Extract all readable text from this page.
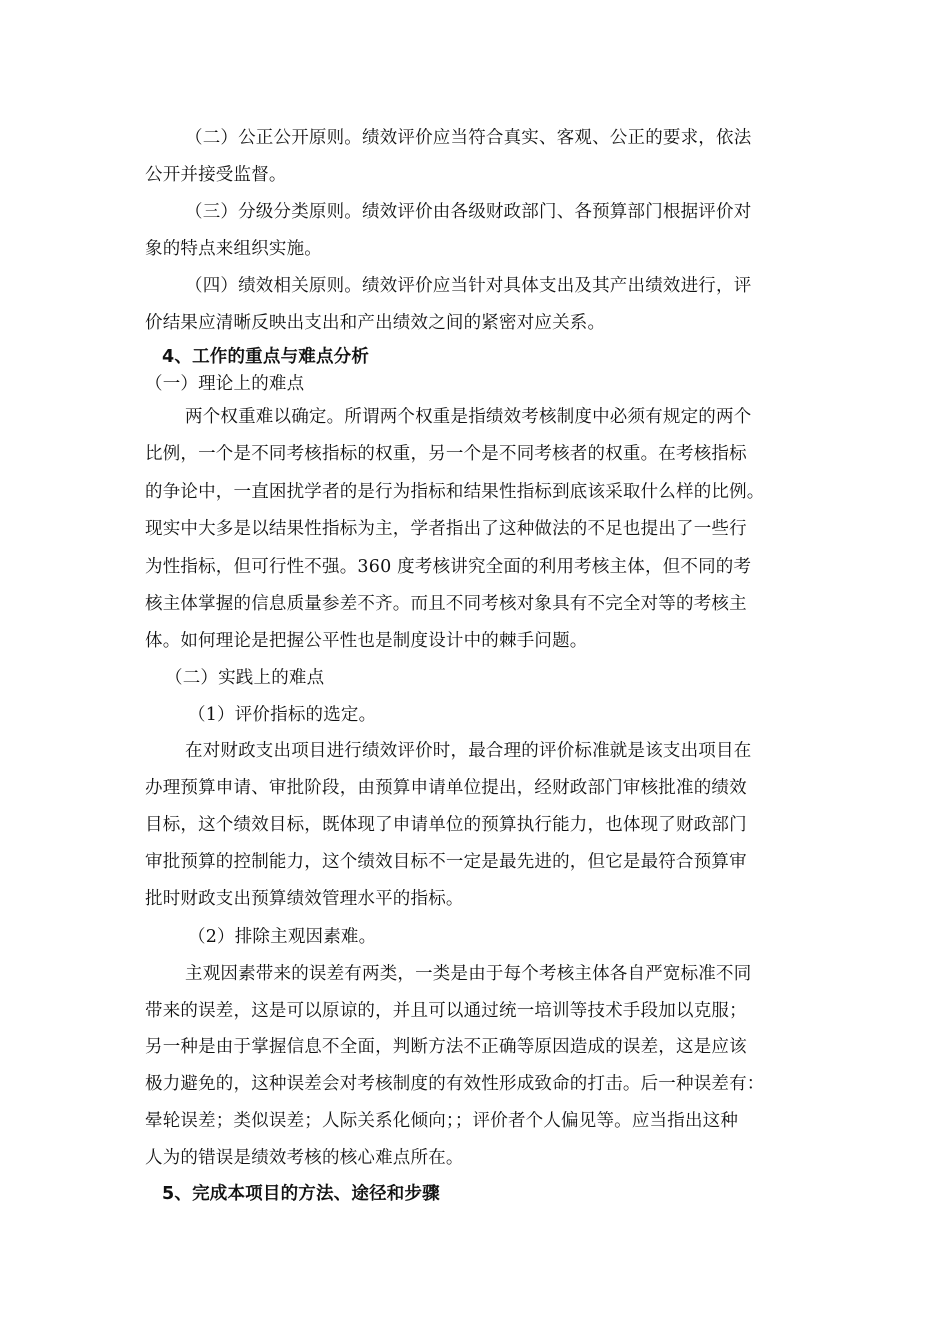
（二）公正公开原则。绩效评价应当符合真实、客观、公正的要求，依法
公开并接受监督。
（三）分级分类原则。绩效评价由各级财政部门、各预算部门根据评价对
象的特点来组织实施。
（四）绩效相关原则。绩效评价应当针对具体支出及其产出绩效进行，评
价结果应清晰反映出支出和产出绩效之间的紧密对应关系。
4、工作的重点与难点分析
（一）理论上的难点
两个权重难以确定。所谓两个权重是指绩效考核制度中必须有规定的两个
比例，一个是不同考核指标的权重，另一个是不同考核者的权重。在考核指标
的争论中，一直困扰学者的是行为指标和结果性指标到底该采取什么样的比例。
现实中大多是以结果性指标为主，学者指出了这种做法的不足也提出了一些行
为性指标，但可行性不强。360 度考核讲究全面的利用考核主体，但不同的考
核主体掌握的信息质量参差不齐。而且不同考核对象具有不完全对等的考核主
体。如何理论是把握公平性也是制度设计中的棘手问题。
（二）实践上的难点
（1）评价指标的选定。
在对财政支出项目进行绩效评价时，最合理的评价标准就是该支出项目在
办理预算申请、审批阶段，由预算申请单位提出，经财政部门审核批准的绩效
目标，这个绩效目标，既体现了申请单位的预算执行能力，也体现了财政部门
审批预算的控制能力，这个绩效目标不一定是最先进的，但它是最符合预算审
批时财政支出预算绩效管理水平的指标。
（2）排除主观因素难。
主观因素带来的误差有两类，一类是由于每个考核主体各自严宽标准不同
带来的误差，这是可以原谅的，并且可以通过统一培训等技术手段加以克服；
另一种是由于掌握信息不全面，判断方法不正确等原因造成的误差，这是应该
极力避免的，这种误差会对考核制度的有效性形成致命的打击。后一种误差有：
晕轮误差；类似误差；人际关系化倾向；；评价者个人偏见等。应当指出这种
人为的错误是绩效考核的核心难点所在。
5、完成本项目的方法、途径和步骤
